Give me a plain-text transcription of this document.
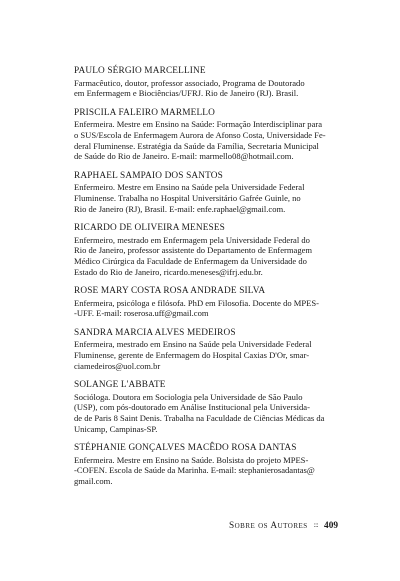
PAULO SÉRGIO MARCELLINE
Farmacêutico, doutor, professor associado, Programa de Doutorado
em Enfermagem e Biociências/UFRJ. Rio de Janeiro (RJ). Brasil.
PRISCILA FALEIRO MARMELLO
Enfermeira. Mestre em Ensino na Saúde: Formação Interdisciplinar para
o SUS/Escola de Enfermagem Aurora de Afonso Costa, Universidade Fe-
deral Fluminense. Estratégia da Saúde da Família, Secretaria Municipal
de Saúde do Rio de Janeiro. E-mail: marmello08@hotmail.com.
RAPHAEL SAMPAIO DOS SANTOS
Enfermeiro. Mestre em Ensino na Saúde pela Universidade Federal
Fluminense. Trabalha no Hospital Universitário Gafrée Guinle, no
Rio de Janeiro (RJ), Brasil. E-mail: enfe.raphael@gmail.com.
RICARDO DE OLIVEIRA MENESES
Enfermeiro, mestrado em Enfermagem pela Universidade Federal do
Rio de Janeiro, professor assistente do Departamento de Enfermagem
Médico Cirúrgica da Faculdade de Enfermagem da Universidade do
Estado do Rio de Janeiro, ricardo.meneses@ifrj.edu.br.
ROSE MARY COSTA ROSA ANDRADE SILVA
Enfermeira, psicóloga e filósofa. PhD em Filosofia. Docente do MPES-
-UFF. E-mail: roserosa.uff@gmail.com
SANDRA MARCIA ALVES MEDEIROS
Enfermeira, mestrado em Ensino na Saúde pela Universidade Federal
Fluminense, gerente de Enfermagem do Hospital Caxias D'Or, smar-
ciamedeiros@uol.com.br
SOLANGE L'ABBATE
Socióloga. Doutora em Sociologia pela Universidade de São Paulo
(USP), com pós-doutorado em Análise Institucional pela Universida-
de de Paris 8 Saint Denis. Trabalha na Faculdade de Ciências Médicas da
Unicamp, Campinas-SP.
STÉPHANIE GONÇALVES MACÊDO ROSA DANTAS
Enfermeira. Mestre em Ensino na Saúde. Bolsista do projeto MPES-
-COFEN. Escola de Saúde da Marinha. E-mail: stephanierosadantas@
gmail.com.
Sobre os Autores ::: 409
